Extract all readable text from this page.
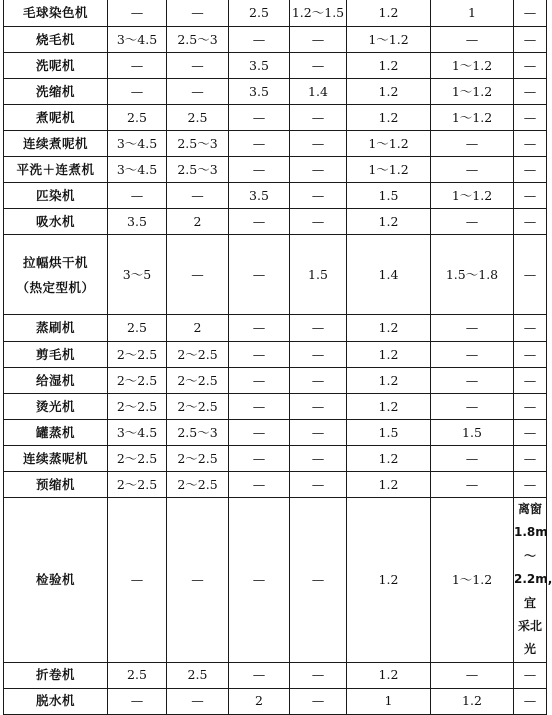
毛球染色机	—	—	2.5	1.2～1.5	1.2	1	—
烧毛机	3～4.5	2.5～3	—	—	1～1.2	—	—
洗呢机	—	—	3.5	—	1.2	1～1.2	—
洗缩机	—	—	3.5	1.4	1.2	1～1.2	—
煮呢机	2.5	2.5	—	—	1.2	1～1.2	—
连续煮呢机	3～4.5	2.5～3	—	—	1～1.2	—	—
平洗＋连煮机	3～4.5	2.5～3	—	—	1～1.2	—	—
匹染机	—	—	3.5	—	1.5	1～1.2	—
吸水机	3.5	2	—	—	1.2	—	—

拉幅烘干机
（热定型机）	3～5	—	—	1.5	1.4	1.5～1.8	—
蒸刷机	2.5	2	—	—	1.2	—	—
剪毛机	2～2.5	2～2.5	—	—	1.2	—	—
给湿机	2～2.5	2～2.5	—	—	1.2	—	—
烫光机	2～2.5	2～2.5	—	—	1.2	—	—
罐蒸机	3～4.5	2.5～3	—	—	1.5	1.5	—
连续蒸呢机	2～2.5	2～2.5	—	—	1.2	—	—
预缩机	2～2.5	2～2.5	—	—	1.2	—	—
检验机	—	—	—	—	1.2	1～1.2	离窗
1.8m～
2.2m,宜
采北光

折卷机	2.5	2.5	—	—	1.2	—	—
脱水机	—	—	2	—	1	1.2	—
